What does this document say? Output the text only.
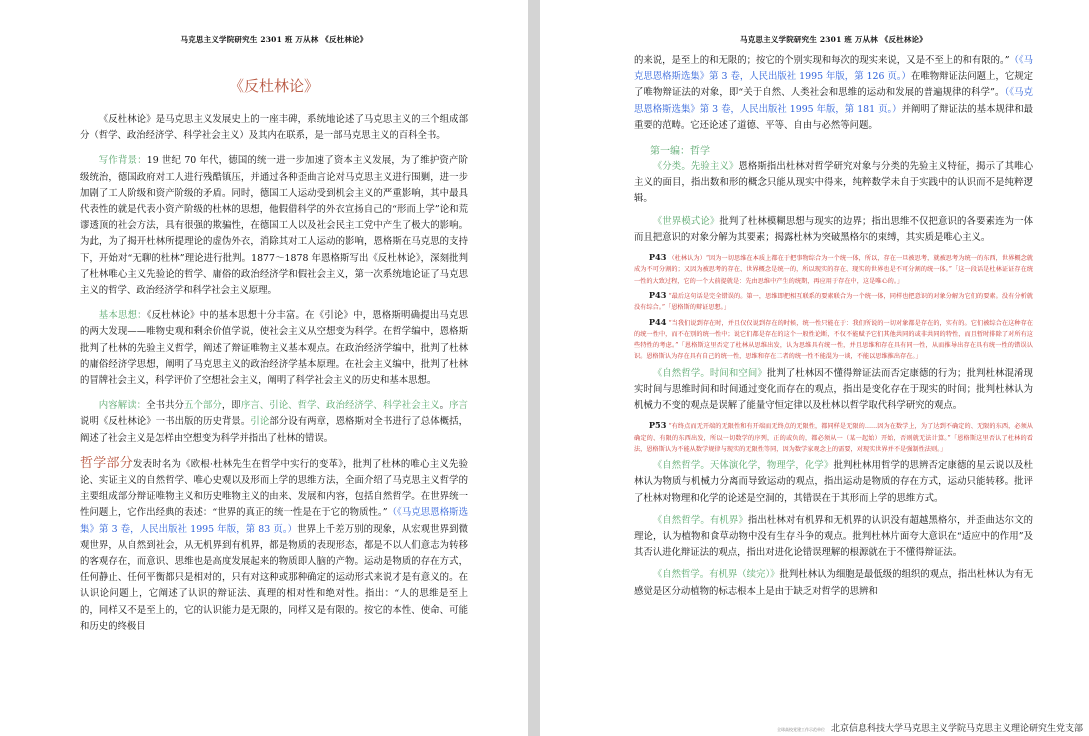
马克思主义学院研究生 2301 班 万从林 《反杜林论》
《反杜林论》

《反杜林论》是马克思主义发展史上的一座丰碑，系统地论述了马克思主义的三个组成部分（哲学、政治经济学、科学社会主义）及其内在联系，是一部马克思主义的百科全书。

写作背景：19 世纪 70 年代，德国的统一进一步加速了资本主义发展，为了维护资产阶级统治，德国政府对工人进行残酷镇压，并通过各种歪曲言论对马克思主义进行围剿，进一步加剧了工人阶级和资产阶级的矛盾。同时，德国工人运动受到机会主义的严重影响，其中最具代表性的就是代表小资产阶级的杜林的思想，他假借科学的外衣宣扬自己的“形而上学”论和荒谬透顶的社会方法，具有很强的欺骗性，在德国工人以及社会民主工党中产生了极大的影响。为此，为了揭开杜林所提理论的虚伪外衣，消除其对工人运动的影响，恩格斯在马克思的支持下，开始对“无聊的杜林”理论进行批判。1877～1878 年恩格斯写出《反杜林论》，深刻批判了杜林唯心主义先验论的哲学、庸俗的政治经济学和假社会主义，第一次系统地论证了马克思主义的哲学、政治经济学和科学社会主义原理。

基本思想：《反杜林论》中的基本思想十分丰富。在《引论》中，恩格斯明确提出马克思的两大发现——唯物史观和剩余价值学说，使社会主义从空想变为科学。在哲学编中，恩格斯批判了杜林的先验主义哲学，阐述了辩证唯物主义基本观点。在政治经济学编中，批判了杜林的庸俗经济学思想，阐明了马克思主义的政治经济学基本原理。在社会主义编中，批判了杜林的冒牌社会主义，科学评价了空想社会主义，阐明了科学社会主义的历史和基本思想。

内容解读：全书共分五个部分，即序言、引论、哲学、政治经济学、科学社会主义。序言说明《反杜林论》一书出版的历史背景。引论部分设有两章，恩格斯对全书进行了总体概括，阐述了社会主义是怎样由空想变为科学并指出了杜林的错误。

哲学部分发表时名为《欧根·杜林先生在哲学中实行的变革》，批判了杜林的唯心主义先验论、实证主义的自然哲学、唯心史观以及形而上学的思维方法，全面介绍了马克思主义哲学的主要组成部分辩证唯物主义和历史唯物主义的由来、发展和内容，包括自然哲学。在世界统一性问题上，它作出经典的表述：“世界的真正的统一性是在于它的物质性。”（《马克思恩格斯选集》第 3 卷，人民出版社 1995 年版，第 83 页。）世界上千差万别的现象，从宏观世界到微观世界，从自然到社会，从无机界到有机界，都是物质的表现形态，都是不以人们意志为转移的客观存在，而意识、思维也是高度发展起来的物质即人脑的产物。运动是物质的存在方式，任何静止、任何平衡都只是相对的，只有对这种或那种确定的运动形式来说才是有意义的。在认识论问题上，它阐述了认识的辩证法、真理的相对性和绝对性。指出：“人的思维是至上的，同样又不是至上的，它的认识能力是无限的，同样又是有限的。按它的本性、使命、可能和历史的终极目

马克思主义学院研究生 2301 班 万从林 《反杜林论》

的来说，是至上的和无限的；按它的个别实现和每次的现实来说，又是不至上的和有限的。”（《马克思恩格斯选集》第 3 卷，人民出版社 1995 年版，第 126 页。）在唯物辩证法问题上，它规定了唯物辩证法的对象，即“关于自然、人类社会和思维的运动和发展的普遍规律的科学”。（《马克思恩格斯选集》第 3 卷，人民出版社 1995 年版，第 181 页。）并阐明了辩证法的基本规律和最重要的范畴。它还论述了道德、平等、自由与必然等问题。

第一编：哲学

《分类。先验主义》恩格斯指出杜林对哲学研究对象与分类的先验主义特征，揭示了其唯心主义的面目，指出数和形的概念只能从现实中得来，纯粹数学未自于实践中的认识而不是纯粹逻辑。

《世界模式论》批判了杜林模糊思想与现实的边界；指出思维不仅把意识的各要素连为一体而且把意识的对象分解为其要素；揭露杜林为突破黑格尔的束缚，其实质是唯心主义。

P43 （杜林认为）“因为一切思维在本质上都在于把事物综合为一个统一体，所以，存在一旦被思考，就被思考为统一的东西，世界概念就成为不可分割的；又因为被思考的存在、世界概念是统一的，所以现实的存在、现实的世界也是不可分割的统一体。”「这一段话是杜林证证存在统一性的大致过程，它的一个大前提就是：先由思维中产生的统期，再应用于存在中，这是唯心的。」

P43 “最后这句话是完全错误的。第一，思维即把相互联系的要素联合为一个统一体，同样也把意识的对象分解为它们的要素。没有分析就没有综合。”「恩格斯的辩证思想。」

P44 “当我们说到存在时，并且仅仅说到存在的时候，统一性只能在于：我们所说的一切对象都是存在的，实有的。它们被综合在这种存在的统一性中，而不在别的统一性中；说它们都是存在的这个一般性论断，不仅不能赋予它们其他共同的或非共同的特性，而且暂时排除了对所有这些特性的考虑。”「恩格斯这里否定了杜林从思维出发，认为思维具有统一性，并且思维和存在具有同一性，从而推导出存在具有统一性的错误认识。恩格斯认为存在具有自己的统一性，思维和存在二者的统一性不能混为一谈，不能以思维推出存在。」

《自然哲学。时间和空间》批判了杜林因不懂得辩证法而否定康德的行为；批判杜林混淆现实时间与思维时间和时间通过变化而存在的观点，指出是变化存在于现实的时间；批判杜林认为机械力不变的观点是误解了能量守恒定律以及杜林以哲学取代科学研究的观点。

P53 “有终点而无开端的无限性和有开端而无终点的无限性，都同样是无限的……因为在数学上，为了达到不确定的、无限的东西，必须从确定的、有限的东西出发，所以一切数学的序列，正的或负的，都必须从一（某一起始）开始，否则就无法计算。”「恩格斯这里否认了杜林的看法，恩格斯认为不能从数学规律与现实的无限性等同，因为数学家观念上的需要，对现实世界并不是强制性法则。」

《自然哲学。天体演化学，物理学，化学》批判杜林用哲学的思辨否定康德的星云说以及杜林认为物质与机械力分离而导致运动的观点，指出运动是物质的存在方式，运动只能转移。批评了杜林对物理和化学的论述是空洞的，其错误在于其形而上学的思维方式。

《自然哲学。有机界》指出杜林对有机界和无机界的认识没有超越黑格尔，并歪曲达尔文的理论，认为植物和食草动物中没有生存斗争的观点。批判杜林片面夸大意识在“适应中的作用”及其否认进化辩证法的观点，指出对进化论错误理解的根源就在于不懂得辩证法。

《自然哲学。有机界（续完）》批判杜林认为细胞是最低级的组织的观点，指出杜林认为有无感觉是区分动植物的标志根本上是由于缺乏对哲学的思辨和

全球高校党建工作示范单位 北京信息科技大学马克思主义学院马克思主义理论研究生党支部
